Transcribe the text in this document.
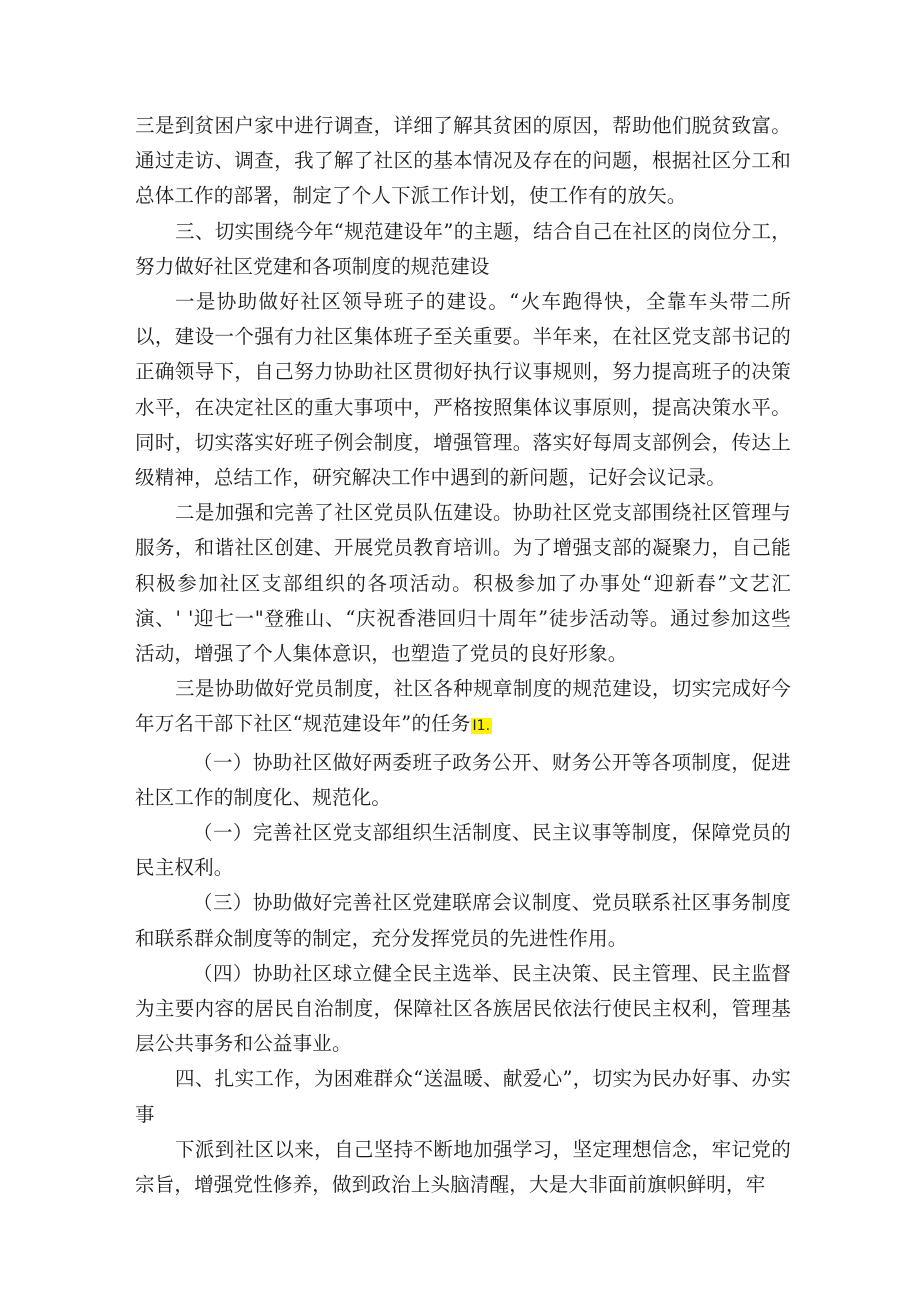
三是到贫困户家中进行调查，详细了解其贫困的原因，帮助他们脱贫致富。通过走访、调查，我了解了社区的基本情况及存在的问题，根据社区分工和总体工作的部署，制定了个人下派工作计划，使工作有的放矢。

三、切实围绕今年“规范建设年”的主题，结合自己在社区的岗位分工，努力做好社区党建和各项制度的规范建设

一是协助做好社区领导班子的建设。“火车跑得快，全靠车头带二所以，建设一个强有力社区集体班子至关重要。半年来，在社区党支部书记的正确领导下，自己努力协助社区贯彻好执行议事规则，努力提高班子的决策水平，在决定社区的重大事项中，严格按照集体议事原则，提高决策水平。同时，切实落实好班子例会制度，增强管理。落实好每周支部例会，传达上级精神，总结工作，研究解决工作中遇到的新问题，记好会议记录。

二是加强和完善了社区党员队伍建设。协助社区党支部围绕社区管理与服务，和谐社区创建、开展党员教育培训。为了增强支部的凝聚力，自己能积极参加社区支部组织的各项活动。积极参加了办事处“迎新春”文艺汇演、' '迎七一"登雅山、“庆祝香港回归十周年”徒步活动等。通过参加这些活动，增强了个人集体意识，也塑造了党员的良好形象。

三是协助做好党员制度，社区各种规章制度的规范建设，切实完成好今年万名干部下社区“规范建设年”的任务 I1.

（一）协助社区做好两委班子政务公开、财务公开等各项制度，促进社区工作的制度化、规范化。

（一）完善社区党支部组织生活制度、民主议事等制度，保障党员的民主权利。

（三）协助做好完善社区党建联席会议制度、党员联系社区事务制度和联系群众制度等的制定，充分发挥党员的先进性作用。

（四）协助社区球立健全民主选举、民主决策、民主管理、民主监督为主要内容的居民自治制度，保障社区各族居民依法行使民主权利，管理基层公共事务和公益事业。

四、扎实工作，为困难群众“送温暖、献爱心”，切实为民办好事、办实事

下派到社区以来，自己坚持不断地加强学习，坚定理想信念，牢记党的宗旨，增强党性修养，做到政治上头脑清醒，大是大非面前旗帜鲜明，牢
